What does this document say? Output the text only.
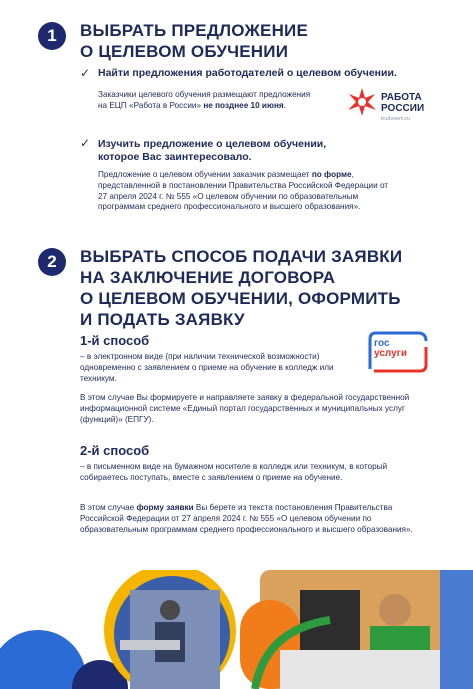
1	ВЫБРАТЬ ПРЕДЛОЖЕНИЕ
О ЦЕЛЕВОМ ОБУЧЕНИИ
✓ Найти предложения работодателей о целевом обучении.
Заказчики целевого обучения размещают предложения на ЕЦП «Работа в России» не позднее 10 июня.
РАБОТА
РОССИИ
trudvsem.ru
✓ Изучить предложение о целевом обучении,
которое Вас заинтересовало.
Предложение о целевом обучении заказчик размещает по форме, представленной в постановлении Правительства Российской Федерации от 27 апреля 2024 г. № 555 «О целевом обучении по образовательным программам среднего профессионального и высшего образования».
2	ВЫБРАТЬ СПОСОБ ПОДАЧИ ЗАЯВКИ
НА ЗАКЛЮЧЕНИЕ ДОГОВОРА
О ЦЕЛЕВОМ ОБУЧЕНИИ, ОФОРМИТЬ
И ПОДАТЬ ЗАЯВКУ
1-й способ
– в электронном виде (при наличии технической возможности) одновременно с заявлением о приеме на обучение в колледж или техникум.
гос
услуги
В этом случае Вы формируете и направляете заявку в федеральной государственной информационной системе «Единый портал государственных и муниципальных услуг (функций)» (ЕПГУ).
2-й способ
– в письменном виде на бумажном носителе в колледж или техникум, в который собираетесь поступать, вместе с заявлением о приеме на обучение.
В этом случае форму заявки Вы берете из текста постановления Правительства Российской Федерации от 27 апреля 2024 г. № 555 «О целевом обучении по образовательным программам среднего профессионального и высшего образования».
